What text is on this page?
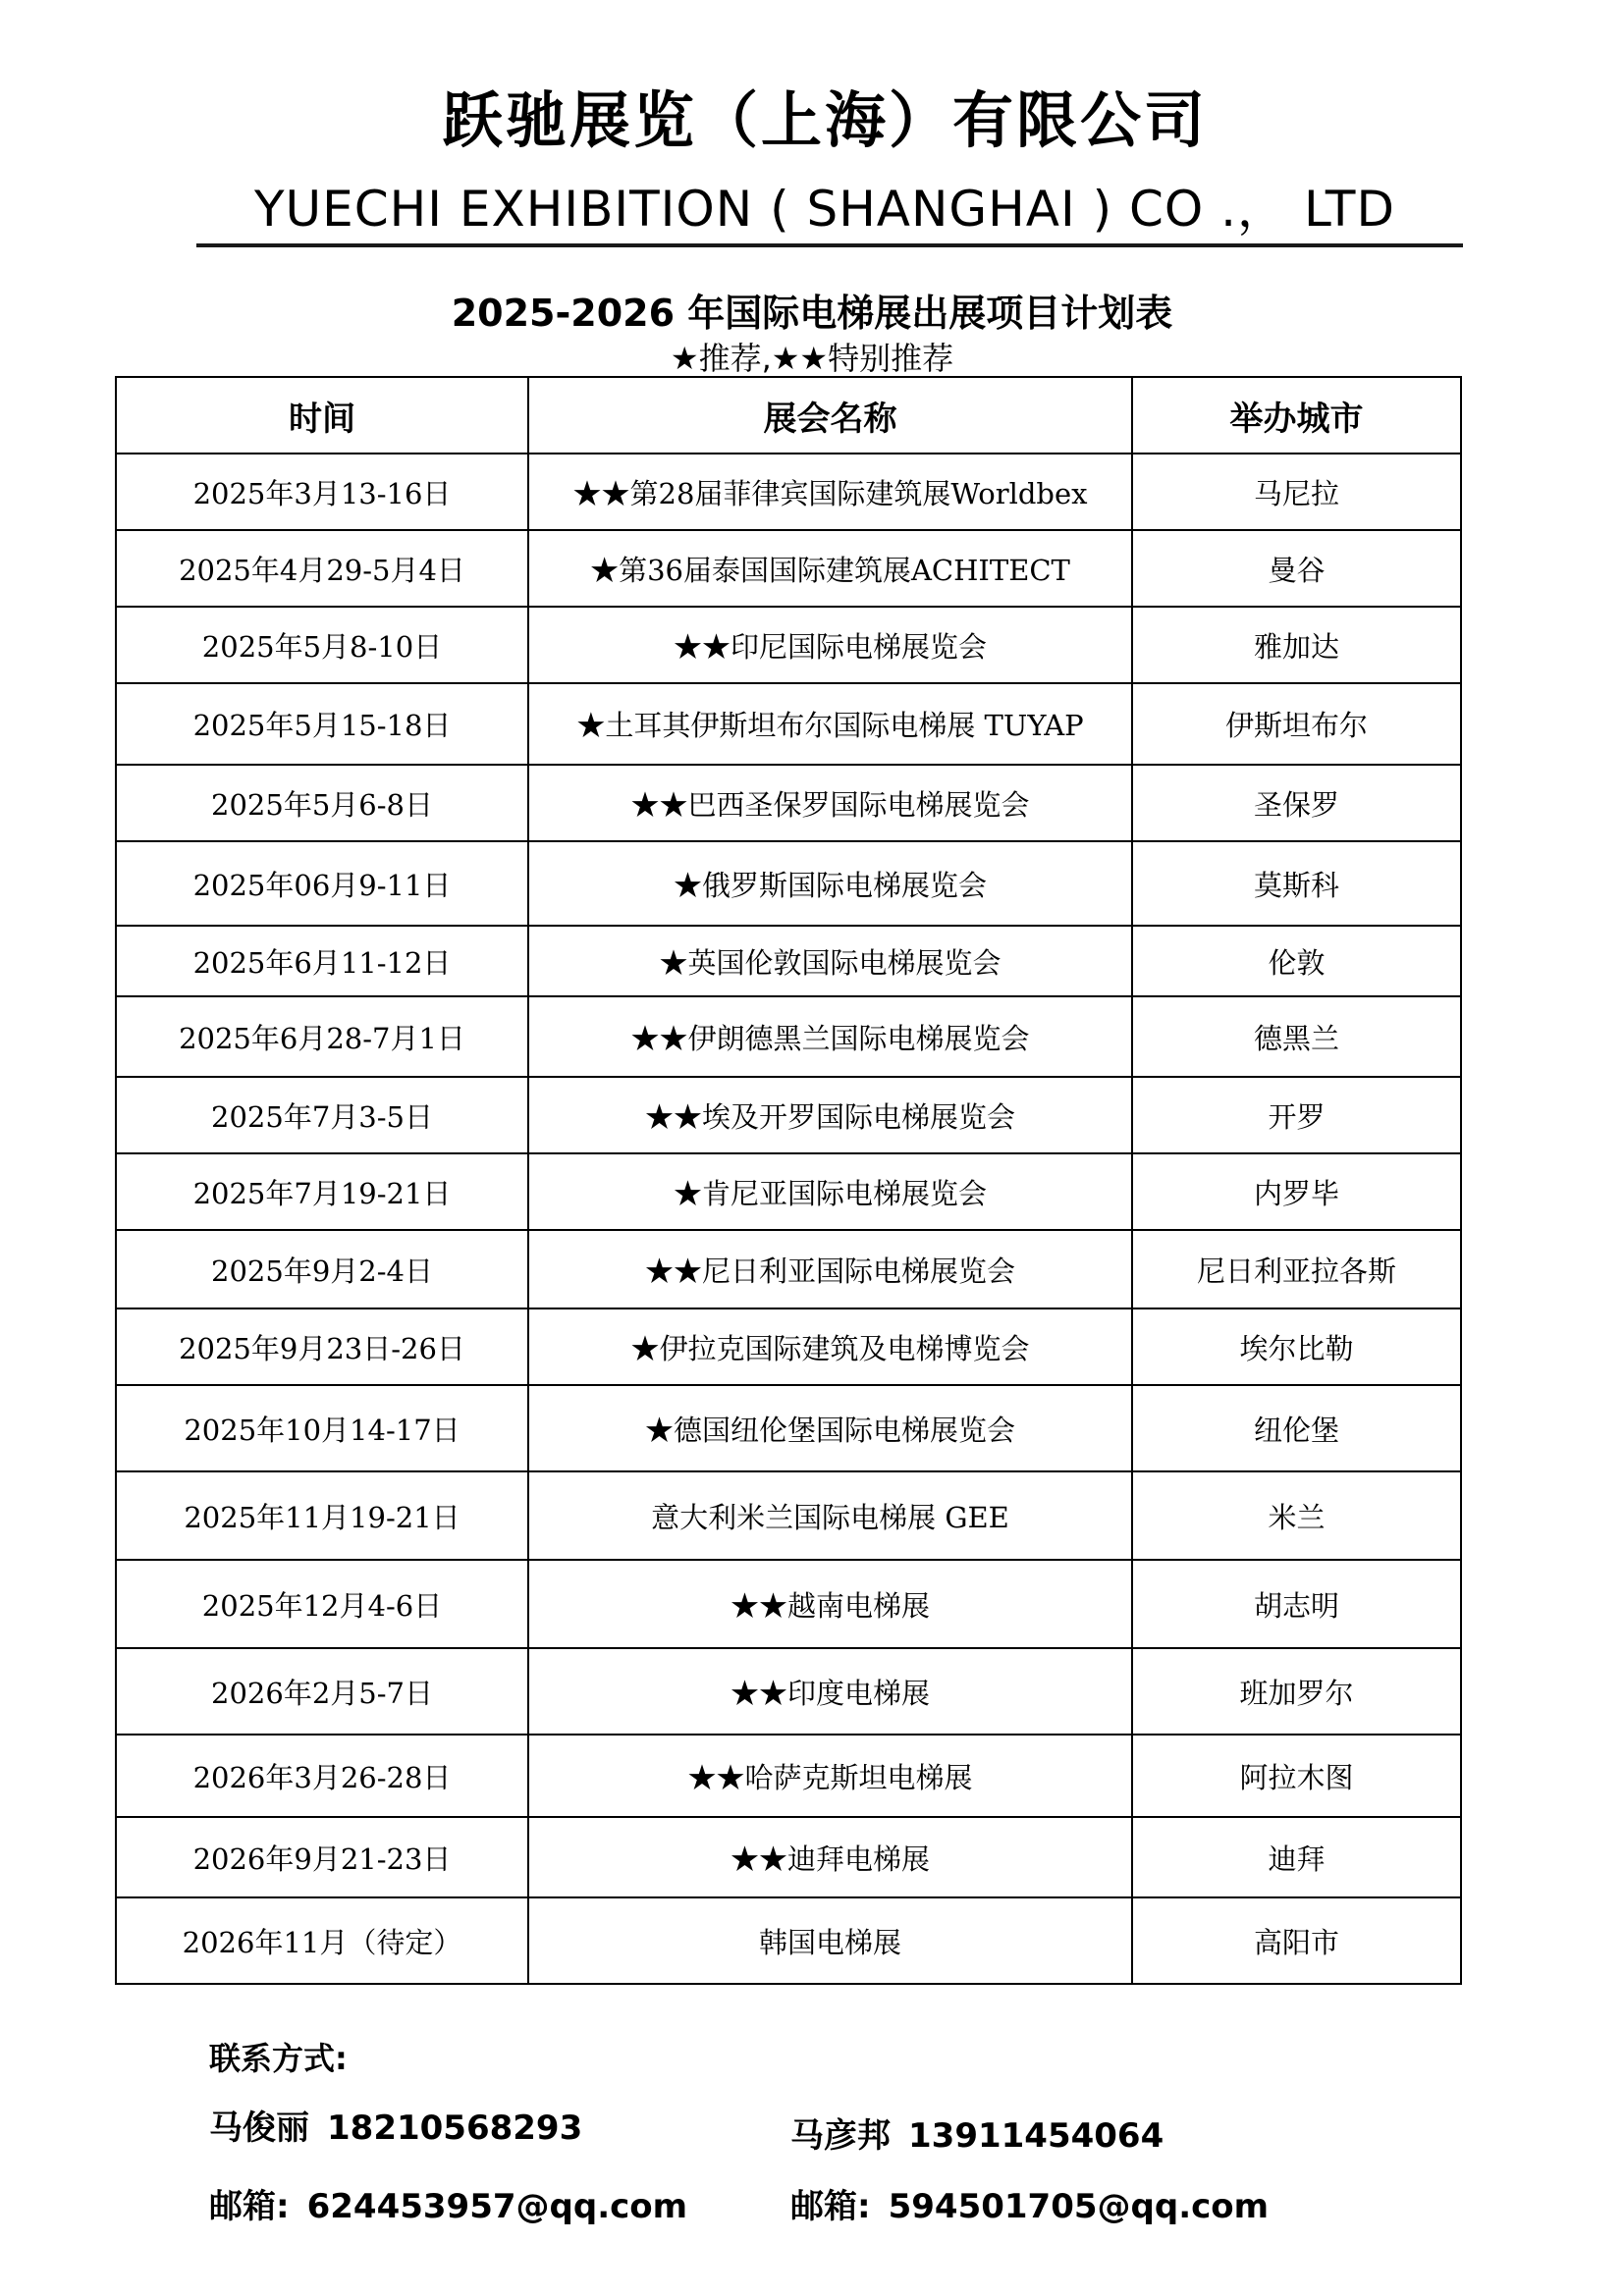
跃驰展览（上海）有限公司
YUECHI EXHIBITION ( SHANGHAI ) CO .， LTD
2025-2026 年国际电梯展出展项目计划表
★推荐,★★特别推荐
时间	展会名称	举办城市
2025年3月13-16日	★★第28届菲律宾国际建筑展Worldbex	马尼拉
2025年4月29-5月4日	★第36届泰国国际建筑展ACHITECT	曼谷
2025年5月8-10日	★★印尼国际电梯展览会	雅加达
2025年5月15-18日	★土耳其伊斯坦布尔国际电梯展 TUYAP	伊斯坦布尔
2025年5月6-8日	★★巴西圣保罗国际电梯展览会	圣保罗
2025年06月9-11日	★俄罗斯国际电梯展览会	莫斯科
2025年6月11-12日	★英国伦敦国际电梯展览会	伦敦
2025年6月28-7月1日	★★伊朗德黑兰国际电梯展览会	德黑兰
2025年7月3-5日	★★埃及开罗国际电梯展览会	开罗
2025年7月19-21日	★肯尼亚国际电梯展览会	内罗毕
2025年9月2-4日	★★尼日利亚国际电梯展览会	尼日利亚拉各斯
2025年9月23日-26日	★伊拉克国际建筑及电梯博览会	埃尔比勒
2025年10月14-17日	★德国纽伦堡国际电梯展览会	纽伦堡
2025年11月19-21日	意大利米兰国际电梯展 GEE	米兰
2025年12月4-6日	★★越南电梯展	胡志明
2026年2月5-7日	★★印度电梯展	班加罗尔
2026年3月26-28日	★★哈萨克斯坦电梯展	阿拉木图
2026年9月21-23日	★★迪拜电梯展	迪拜
2026年11月（待定）	韩国电梯展	高阳市
联系方式:
马俊丽 18210568293
邮箱: 624453957@qq.com
马彦邦 13911454064
邮箱: 594501705@qq.com
